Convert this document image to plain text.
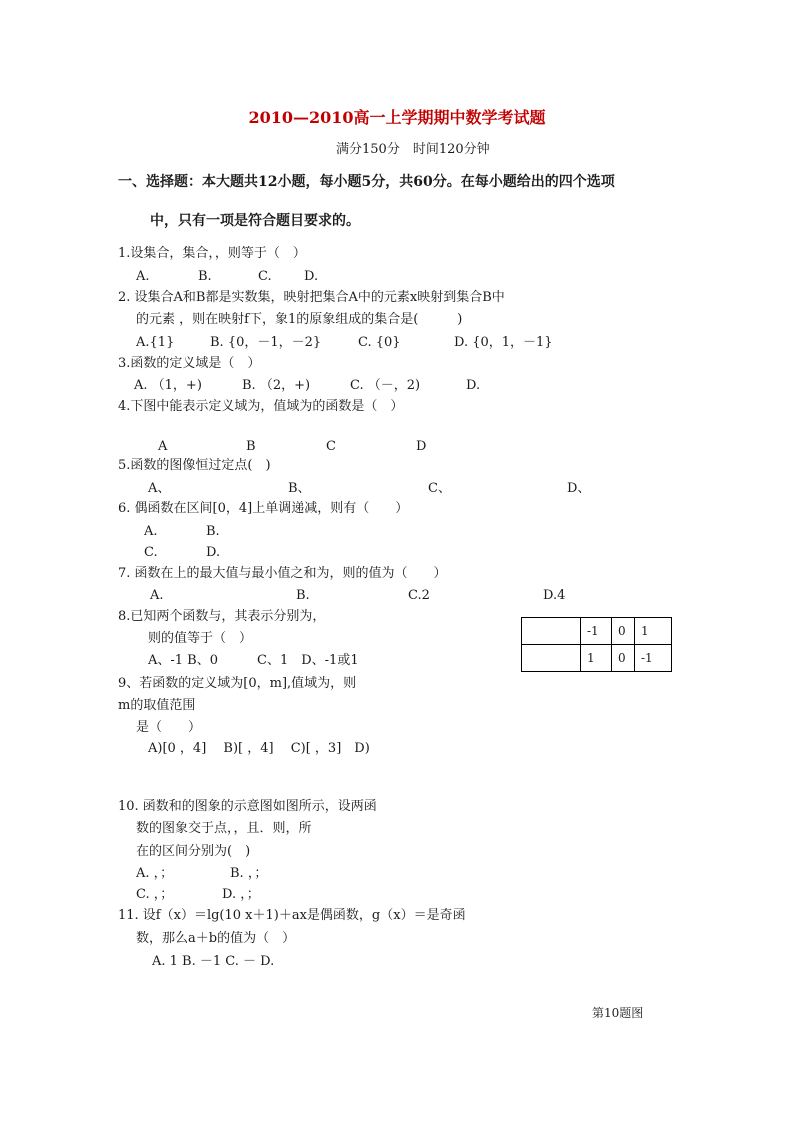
2010—2010高一上学期期中数学考试题
满分150分　时间120分钟
一、选择题：本大题共12小题，每小题5分，共60分。在每小题给出的四个选项
中，只有一项是符合题目要求的。
1.设集合，集合，，则等于（　）
A.	B.	C. D.
2. 设集合A和B都是实数集，映射把集合A中的元素x映射到集合B中
的元素 ，则在映射f下，象1的原象组成的集合是(　　　)
A.{1}	B. {0，－1，－2}	C. {0}	D. {0，1，－1}
3.函数的定义域是（　）
A. （1，+)	B. （2，+)	C. （－，2)	D.
4.下图中能表示定义域为，值域为的函数是（　）
A	B	C	D
5.函数的图像恒过定点(　)
A、	B、	C、	D、
6. 偶函数在区间[0，4]上单调递减，则有（　　）
A.	B.
C.	D.
7. 函数在上的最大值与最小值之和为，则的值为（　　）
A.	B.	C.2	D.4
8.已知两个函数与，其表示分别为，
则的值等于（　）
A、-1 B、0　　　C、1　D、-1或1
	-1	0	1
	1	0	-1
9、若函数的定义域为[0，m],值域为，则
m的取值范围
是（　　）
A)[0 ，4]　 B)[ ，4]　 C)[ ，3]　D)
10. 函数和的图象的示意图如图所示，设两函
数的图象交于点，，且．则，所
在的区间分别为(　)
A. ，；	B. ，；
C. ，；	D. ，；
11. 设f（x）＝lg(10 x＋1)＋ax是偶函数，g（x）＝是奇函
数，那么a＋b的值为（　）
A. 1 B. －1 C. － D.
第10题图
